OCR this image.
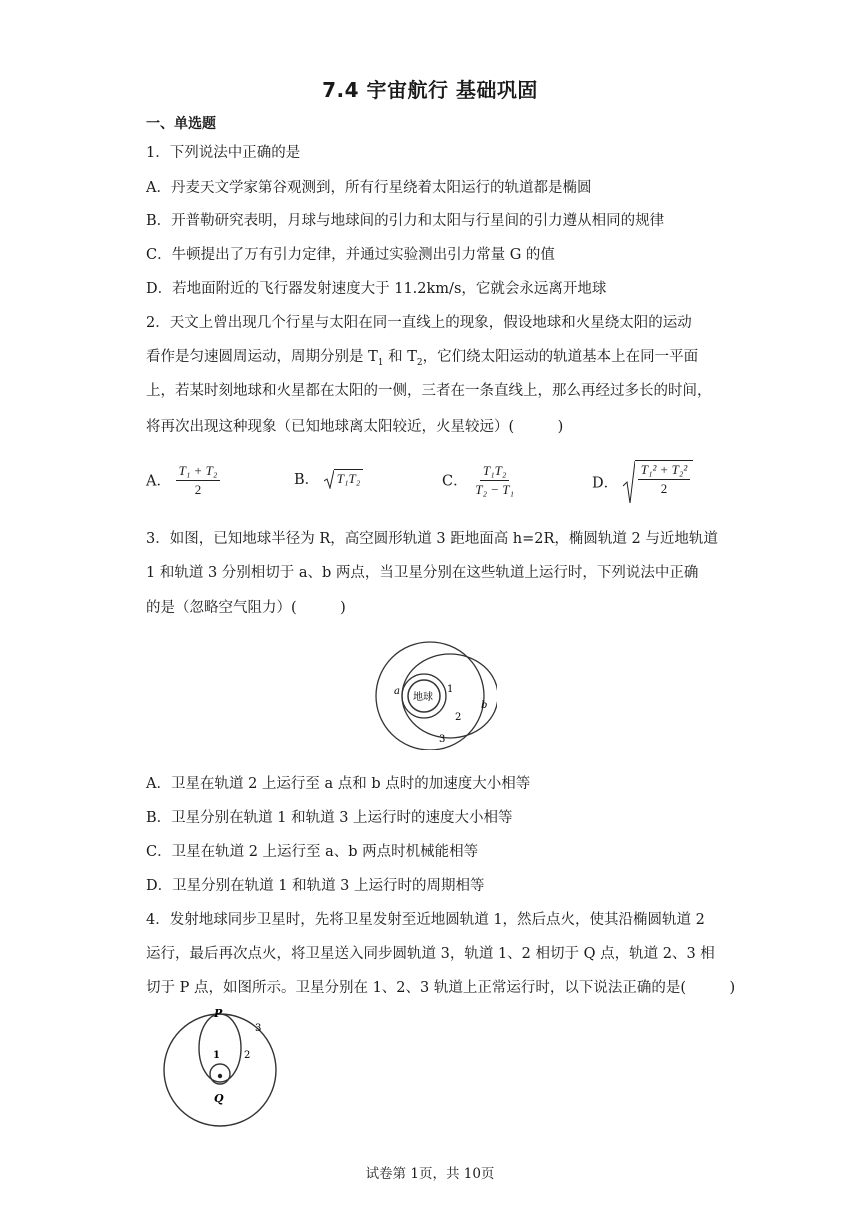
7.4 宇宙航行 基础巩固
一、单选题
1．下列说法中正确的是
A．丹麦天文学家第谷观测到，所有行星绕着太阳运行的轨道都是椭圆
B．开普勒研究表明，月球与地球间的引力和太阳与行星间的引力遵从相同的规律
C．牛顿提出了万有引力定律，并通过实验测出引力常量 G 的值
D．若地面附近的飞行器发射速度大于 11.2km/s，它就会永远离开地球
2．天文上曾出现几个行星与太阳在同一直线上的现象，假设地球和火星绕太阳的运动
看作是匀速圆周运动，周期分别是 $T_1$ 和 $T_2$，它们绕太阳运动的轨道基本上在同一平面
上，若某时刻地球和火星都在太阳的一侧，三者在一条直线上，那么再经过多长的时间，
将再次出现这种现象（已知地球离太阳较近，火星较远）(　　　)
A． $\frac{\text{T₁ + T₂}}{2}$	B． T₁T₂	C． $\frac{\text{T₁T₂}}{\text{T₂ − T₁}}$	D． $\frac{\text{T₁² + T₂²}}{2}$
3．如图，已知地球半径为 R，高空圆形轨道 3 距地面高 h=2R，椭圆轨道 2 与近地轨道
1 和轨道 3 分别相切于 a、b 两点，当卫星分别在这些轨道上运行时，下列说法中正确
的是（忽略空气阻力）(　　　)
地球
a
b
1
2
3
A．卫星在轨道 2 上运行至 a 点和 b 点时的加速度大小相等
B．卫星分别在轨道 1 和轨道 3 上运行时的速度大小相等
C．卫星在轨道 2 上运行至 a、b 两点时机械能相等
D．卫星分别在轨道 1 和轨道 3 上运行时的周期相等
4．发射地球同步卫星时，先将卫星发射至近地圆轨道 1，然后点火，使其沿椭圆轨道 2
运行，最后再次点火，将卫星送入同步圆轨道 3，轨道 1、2 相切于 Q 点，轨道 2、3 相
切于 P 点，如图所示。卫星分别在 1、2、3 轨道上正常运行时，以下说法正确的是(　　　)
P
Q
3
2
1
试卷第 1页，共 10页
